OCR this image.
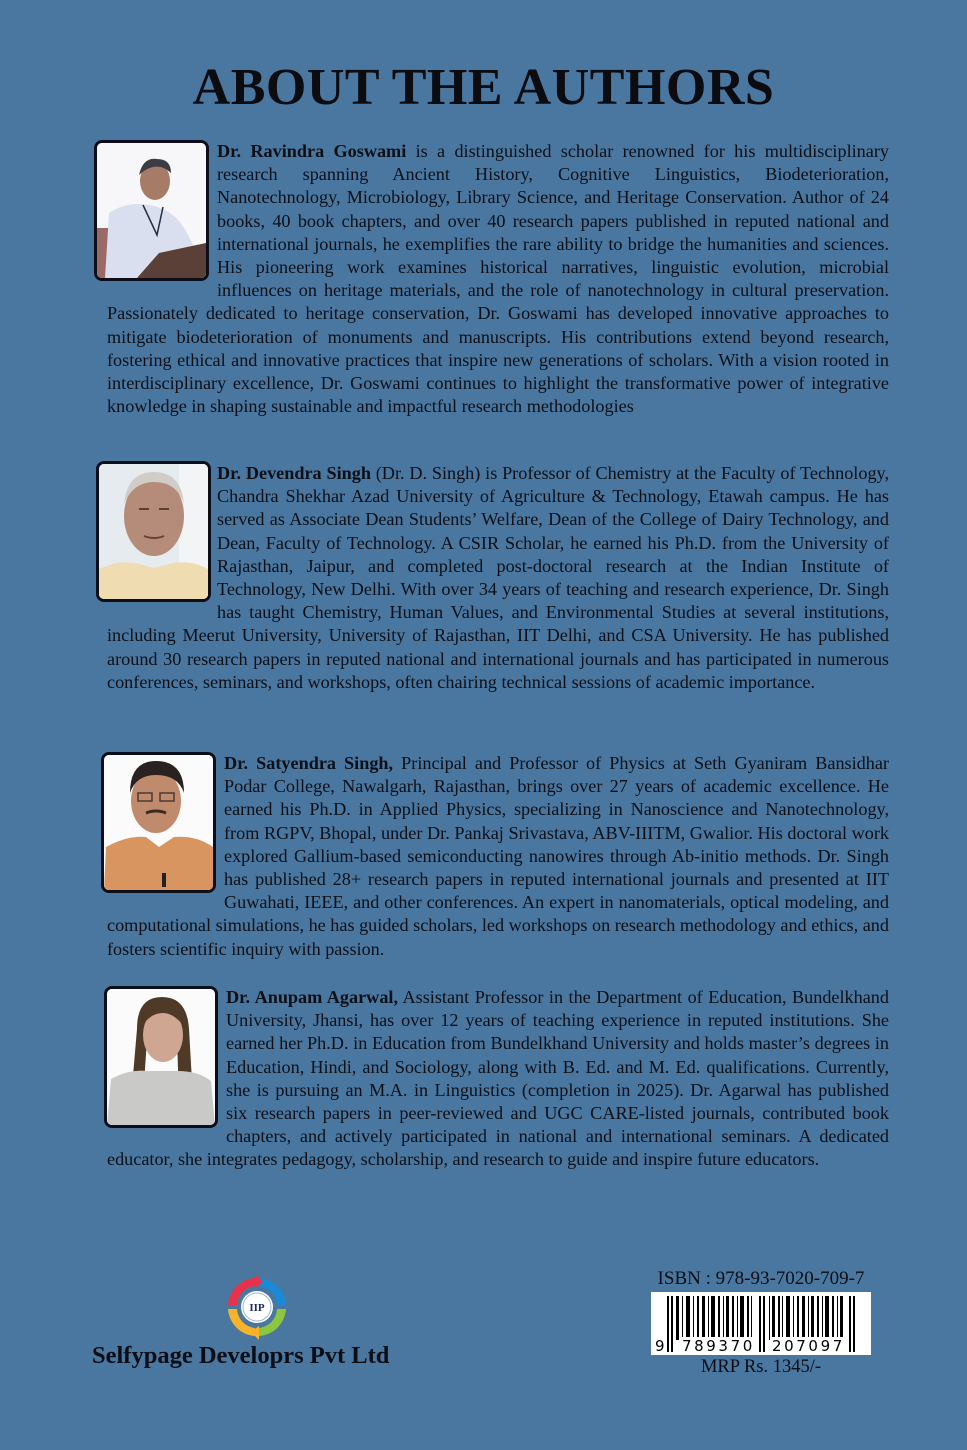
ABOUT THE AUTHORS
Dr. Ravindra Goswami is a distinguished scholar renowned for his multidisciplinary research spanning Ancient History, Cognitive Linguistics, Biodeterioration, Nanotechnology, Microbiology, Library Science, and Heritage Conservation. Author of 24 books, 40 book chapters, and over 40 research papers published in reputed national and international journals, he exemplifies the rare ability to bridge the humanities and sciences. His pioneering work examines historical narratives, linguistic evolution, microbial influences on heritage materials, and the role of nanotechnology in cultural preservation. Passionately dedicated to heritage conservation, Dr. Goswami has developed innovative approaches to mitigate biodeterioration of monuments and manuscripts. His contributions extend beyond research, fostering ethical and innovative practices that inspire new generations of scholars. With a vision rooted in interdisciplinary excellence, Dr. Goswami continues to highlight the transformative power of integrative knowledge in shaping sustainable and impactful research methodologies
Dr. Devendra Singh (Dr. D. Singh) is Professor of Chemistry at the Faculty of Technology, Chandra Shekhar Azad University of Agriculture & Technology, Etawah campus. He has served as Associate Dean Students’ Welfare, Dean of the College of Dairy Technology, and Dean, Faculty of Technology. A CSIR Scholar, he earned his Ph.D. from the University of Rajasthan, Jaipur, and completed post-doctoral research at the Indian Institute of Technology, New Delhi. With over 34 years of teaching and research experience, Dr. Singh has taught Chemistry, Human Values, and Environmental Studies at several institutions, including Meerut University, University of Rajasthan, IIT Delhi, and CSA University. He has published around 30 research papers in reputed national and international journals and has participated in numerous conferences, seminars, and workshops, often chairing technical sessions of academic importance.
Dr. Satyendra Singh, Principal and Professor of Physics at Seth Gyaniram Bansidhar Podar College, Nawalgarh, Rajasthan, brings over 27 years of academic excellence. He earned his Ph.D. in Applied Physics, specializing in Nanoscience and Nanotechnology, from RGPV, Bhopal, under Dr. Pankaj Srivastava, ABV-IIITM, Gwalior. His doctoral work explored Gallium-based semiconducting nanowires through Ab-initio methods. Dr. Singh has published 28+ research papers in reputed international journals and presented at IIT Guwahati, IEEE, and other conferences. An expert in nanomaterials, optical modeling, and computational simulations, he has guided scholars, led workshops on research methodology and ethics, and fosters scientific inquiry with passion.
Dr. Anupam Agarwal, Assistant Professor in the Department of Education, Bundelkhand University, Jhansi, has over 12 years of teaching experience in reputed institutions. She earned her Ph.D. in Education from Bundelkhand University and holds master’s degrees in Education, Hindi, and Sociology, along with B. Ed. and M. Ed. qualifications. Currently, she is pursuing an M.A. in Linguistics (completion in 2025). Dr. Agarwal has published six research papers in peer-reviewed and UGC CARE-listed journals, contributed book chapters, and actively participated in national and international seminars. A dedicated educator, she integrates pedagogy, scholarship, and research to guide and inspire future educators.
IIP
Selfypage Developrs Pvt Ltd
ISBN : 978-93-7020-709-7
9 789370 207097
MRP Rs. 1345/-
